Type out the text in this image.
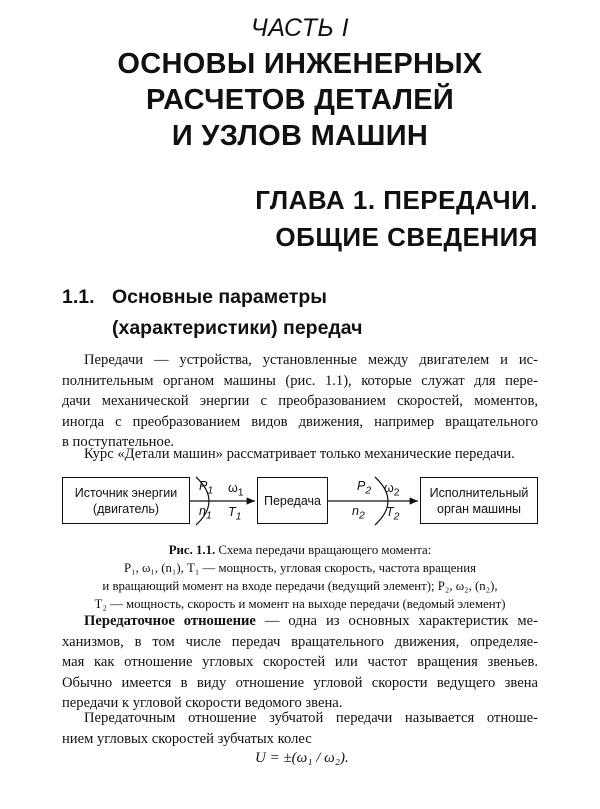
ЧАСТЬ I
ОСНОВЫ ИНЖЕНЕРНЫХ
РАСЧЕТОВ ДЕТАЛЕЙ
И УЗЛОВ МАШИН
ГЛАВА 1. ПЕРЕДАЧИ.
ОБЩИЕ СВЕДЕНИЯ
1.1. Основные параметры
(характеристики) передач
Передачи — устройства, установленные между двигателем и ис-
полнительным органом машины (рис. 1.1), которые служат для пере-
дачи механической энергии с преобразованием скоростей, моментов,
иногда с преобразованием видов движения, например вращательного
в поступательное.
Курс «Детали машин» рассматривает только механические передачи.
Источник энергии
(двигатель)
Передача
Исполнительный
орган машины
$P_1$
$n_1$
$\omega_1$
$T_1$
$P_2$
$n_2$
$\omega_2$
$T_2$
Рис. 1.1. Схема передачи вращающего момента:
P₁, ω₁, (n₁), T₁ — мощность, угловая скорость, частота вращения
и вращающий момент на входе передачи (ведущий элемент); P₂, ω₂, (n₂),
T₂ — мощность, скорость и момент на выходе передачи (ведомый элемент)
Передаточное отношение — одна из основных характеристик ме-
ханизмов, в том числе передач вращательного движения, определяе-
мая как отношение угловых скоростей или частот вращения звеньев.
Обычно имеется в виду отношение угловой скорости ведущего звена
передачи к угловой скорости ведомого звена.
Передаточным отношение зубчатой передачи называется отноше-
нием угловых скоростей зубчатых колес
U = ±(ω₁ / ω₂).
